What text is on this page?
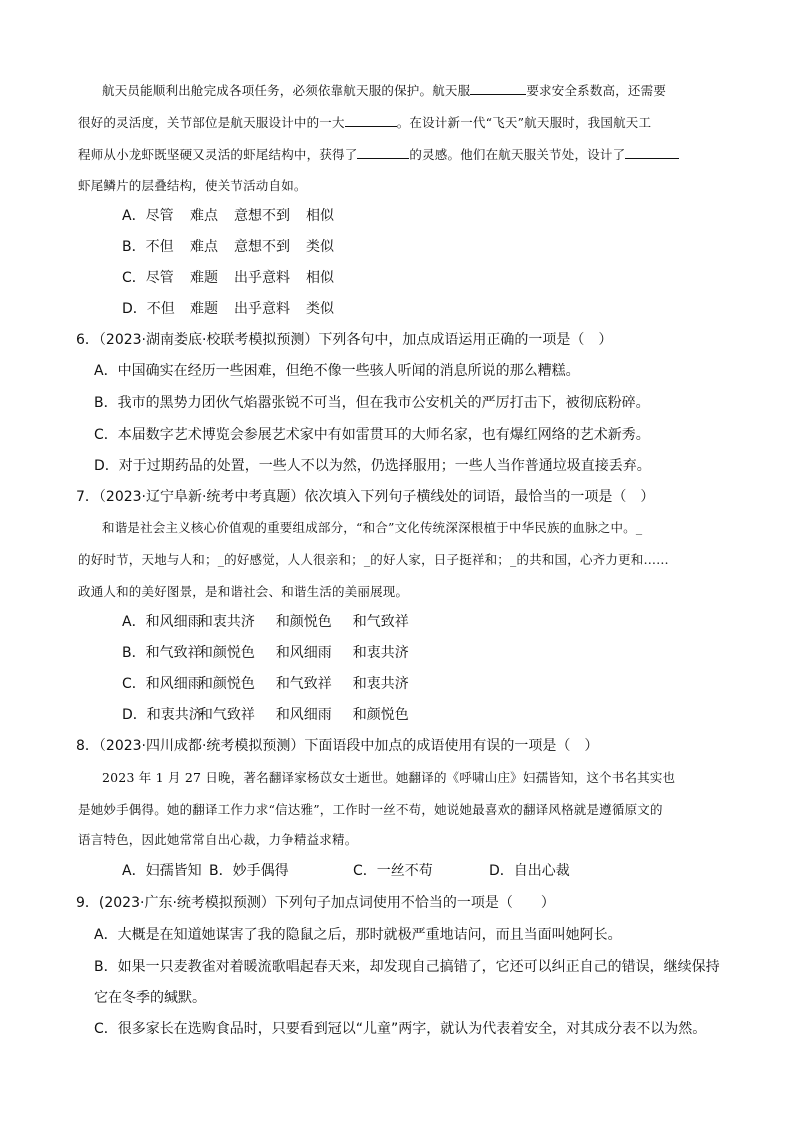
航天员能顺利出舱完成各项任务，必须依靠航天服的保护。航天服	要求安全系数高，还需要
很好的灵活度，关节部位是航天服设计中的一大	。在设计新一代“飞天”航天服时，我国航天工
程师从小龙虾既坚硬又灵活的虾尾结构中，获得了	的灵感。他们在航天服关节处，设计了
虾尾鳞片的层叠结构，使关节活动自如。
A．尽管 难点 意想不到 相似
B．不但 难点 意想不到 类似
C．尽管 难题 出乎意料 相似
D．不但 难题 出乎意料 类似
6．（2023·湖南娄底·校联考模拟预测）下列各句中，加点成语运用正确的一项是（　）
A．中国确实在经历一些困难，但绝不像一些骇人听闻的消息所说的那么糟糕。
B．我市的黑势力团伙气焰嚣张锐不可当，但在我市公安机关的严厉打击下，被彻底粉碎。
C．本届数字艺术博览会参展艺术家中有如雷贯耳的大师名家，也有爆红网络的艺术新秀。
D．对于过期药品的处置，一些人不以为然，仍选择服用；一些人当作普通垃圾直接丢弃。
7．（2023·辽宁阜新·统考中考真题）依次填入下列句子横线处的词语，最恰当的一项是（　）
和谐是社会主义核心价值观的重要组成部分，“和合”文化传统深深根植于中华民族的血脉之中。_
的好时节，天地与人和；_的好感觉，人人很亲和；_的好人家，日子挺祥和；_的共和国，心齐力更和……
政通人和的美好图景，是和谐社会、和谐生活的美丽展现。
A．和风细雨  和衷共济 和颜悦色 和气致祥
B．和气致祥  和颜悦色 和风细雨 和衷共济
C．和风细雨  和颜悦色 和气致祥 和衷共济
D．和衷共济  和气致祥 和风细雨 和颜悦色
8．（2023·四川成都·统考模拟预测）下面语段中加点的成语使用有误的一项是（　）
2023 年 1 月 27 日晚，著名翻译家杨苡女士逝世。她翻译的《呼啸山庄》妇孺皆知，这个书名其实也
是她妙手偶得。她的翻译工作力求“信达雅”，工作时一丝不苟，她说她最喜欢的翻译风格就是遵循原文的
语言特色，因此她常常自出心裁，力争精益求精。
A．妇孺皆知 B．妙手偶得	C．一丝不苟	D．自出心裁
9．(2023·广东·统考模拟预测）下列句子加点词使用不恰当的一项是（　　）
A．大概是在知道她谋害了我的隐鼠之后，那时就极严重地诘问，而且当面叫她阿长。
B．如果一只麦教雀对着暖流歌唱起春天来，却发现自己搞错了，它还可以纠正自己的错误，继续保持
它在冬季的缄默。
C．很多家长在选购食品时，只要看到冠以“儿童”两字，就认为代表着安全，对其成分表不以为然。
